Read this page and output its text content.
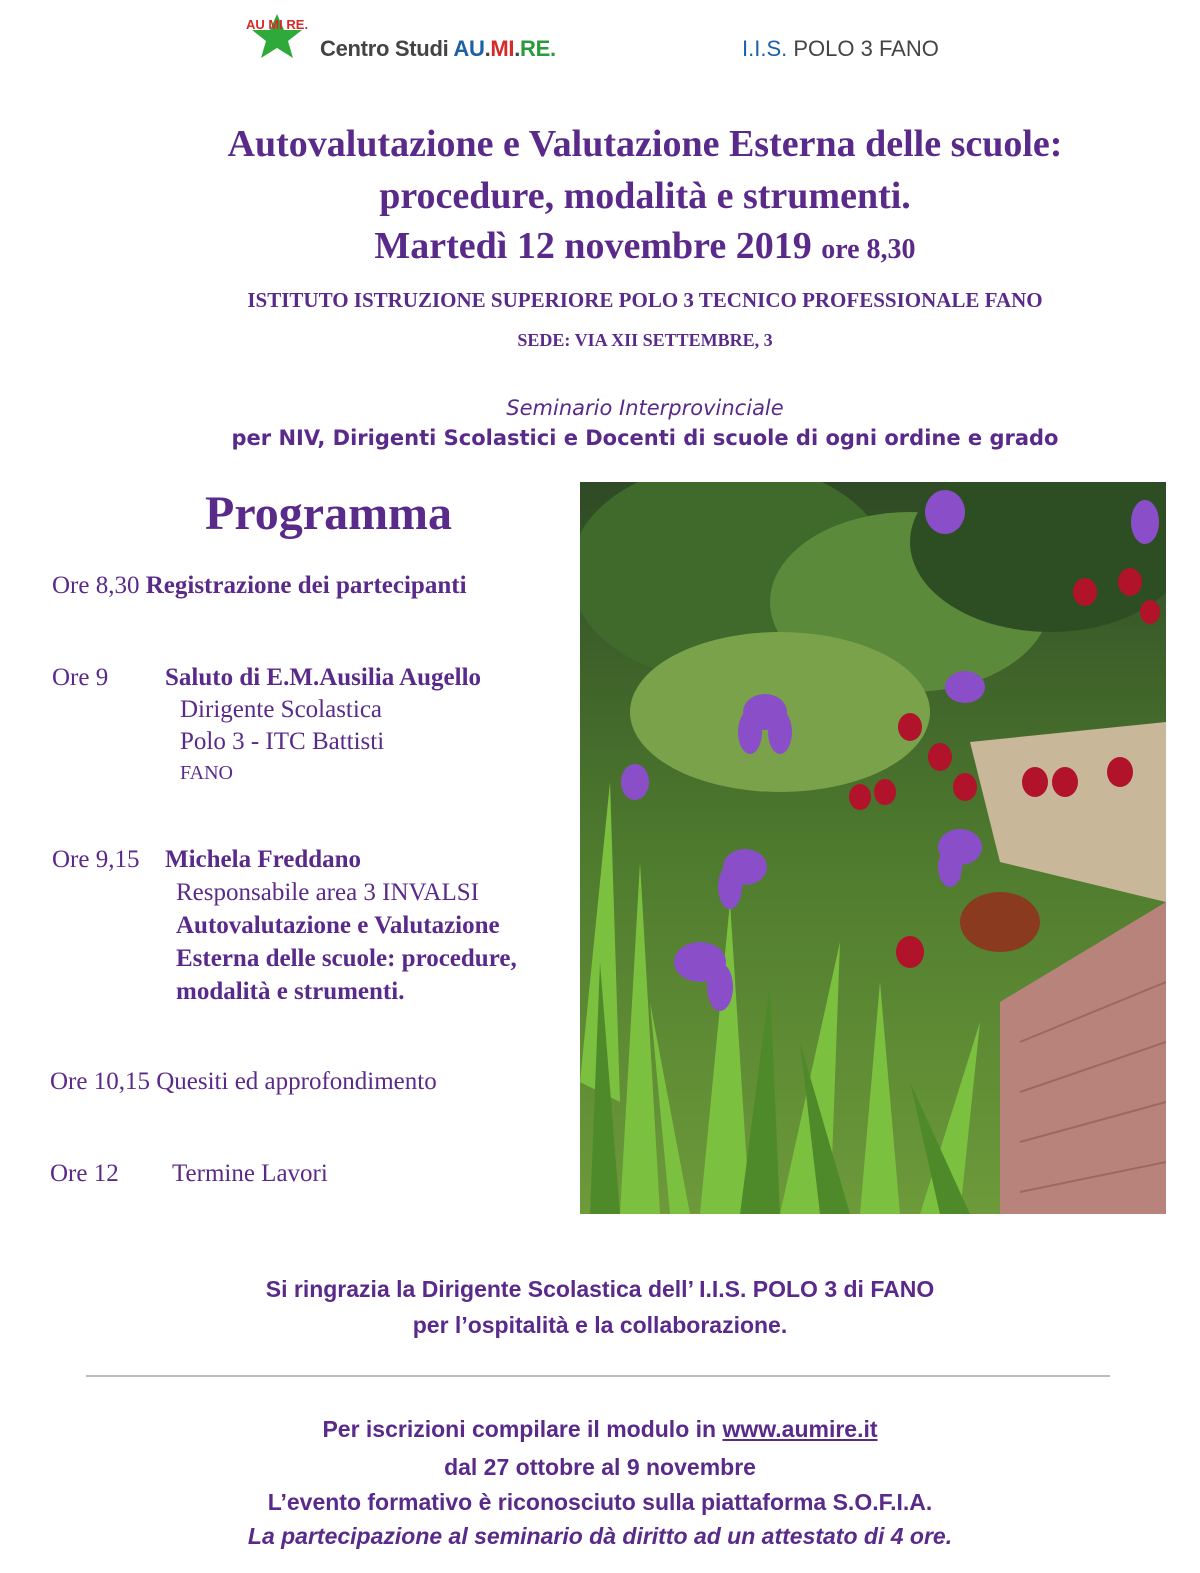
AU MI RE.
Centro Studi AU.MI.RE.	I.I.S. POLO 3 FANO
Autovalutazione e Valutazione Esterna delle scuole:
procedure, modalità e strumenti.
Martedì 12 novembre 2019 ore 8,30
ISTITUTO ISTRUZIONE SUPERIORE POLO 3 TECNICO PROFESSIONALE FANO
SEDE: VIA XII SETTEMBRE, 3
Seminario Interprovinciale
per NIV, Dirigenti Scolastici e Docenti di scuole di ogni ordine e grado
Programma
Ore 8,30 Registrazione dei partecipanti
Ore 9 Saluto di E.M.Ausilia Augello
Dirigente Scolastica
Polo 3 - ITC Battisti
FANO
Ore 9,15 Michela Freddano
Responsabile area 3 INVALSI
Autovalutazione e Valutazione
Esterna delle scuole: procedure,
modalità e strumenti.
Ore 10,15 Quesiti ed approfondimento
Ore 12 Termine Lavori
Si ringrazia la Dirigente Scolastica dell’ I.I.S. POLO 3 di FANO
per l’ospitalità e la collaborazione.
Per iscrizioni compilare il modulo in www.aumire.it
dal 27 ottobre al 9 novembre
L’evento formativo è riconosciuto sulla piattaforma S.O.F.I.A.
La partecipazione al seminario dà diritto ad un attestato di 4 ore.
